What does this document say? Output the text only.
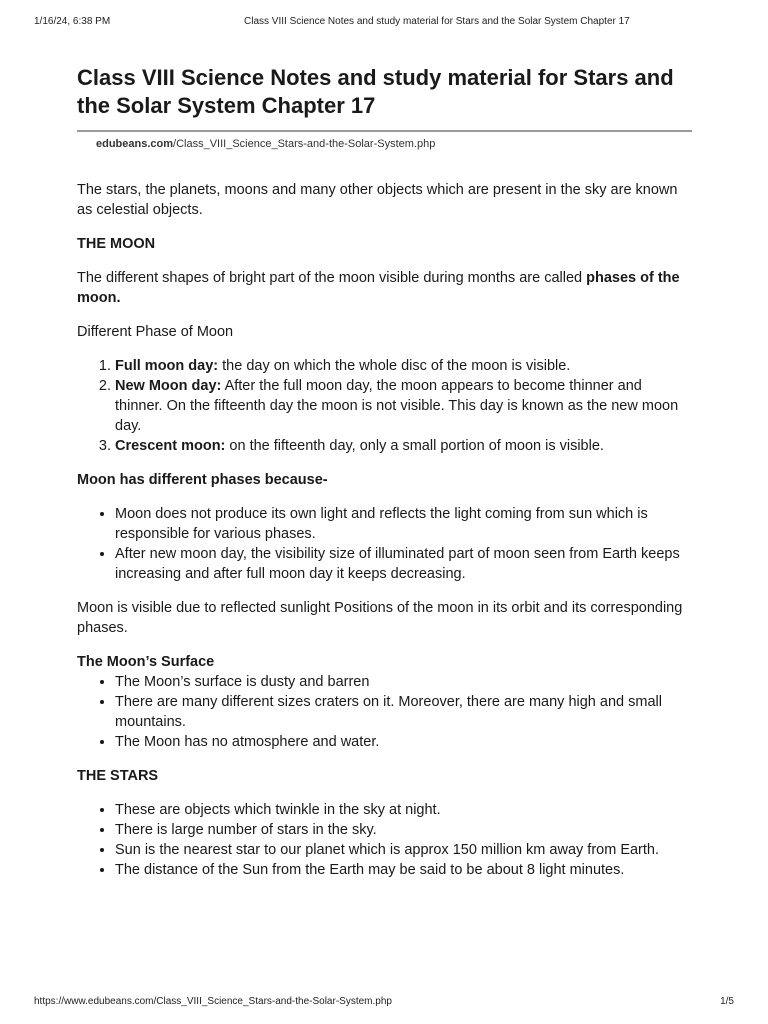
1/16/24, 6:38 PM	Class VIII Science Notes and study material for Stars and the Solar System Chapter 17
Class VIII Science Notes and study material for Stars and the Solar System Chapter 17
edubeans.com/Class_VIII_Science_Stars-and-the-Solar-System.php

The stars, the planets, moons and many other objects which are present in the sky are known as celestial objects.

THE MOON

The different shapes of bright part of the moon visible during months are called phases of the moon.

Different Phase of Moon

1. Full moon day: the day on which the whole disc of the moon is visible.
2. New Moon day: After the full moon day, the moon appears to become thinner and thinner. On the fifteenth day the moon is not visible. This day is known as the new moon day.
3. Crescent moon: on the fifteenth day, only a small portion of moon is visible.

Moon has different phases because-

• Moon does not produce its own light and reflects the light coming from sun which is responsible for various phases.
• After new moon day, the visibility size of illuminated part of moon seen from Earth keeps increasing and after full moon day it keeps decreasing.

Moon is visible due to reflected sunlight Positions of the moon in its orbit and its corresponding phases.

The Moon’s Surface

• The Moon’s surface is dusty and barren
• There are many different sizes craters on it. Moreover, there are many high and small mountains.
• The Moon has no atmosphere and water.

THE STARS

• These are objects which twinkle in the sky at night.
• There is large number of stars in the sky.
• Sun is the nearest star to our planet which is approx 150 million km away from Earth.
• The distance of the Sun from the Earth may be said to be about 8 light minutes.
https://www.edubeans.com/Class_VIII_Science_Stars-and-the-Solar-System.php	1/5
